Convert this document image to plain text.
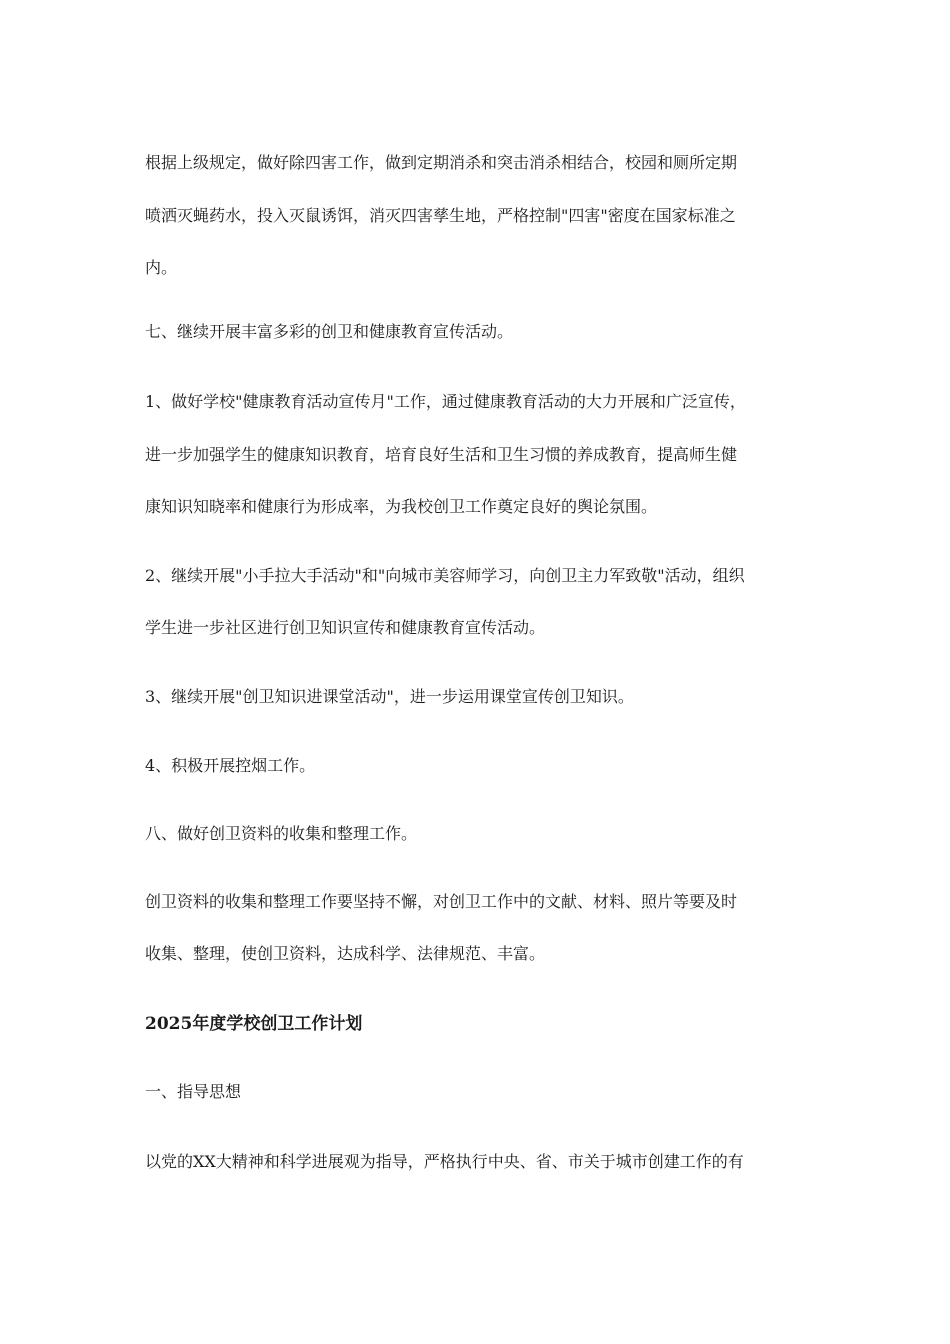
根据上级规定，做好除四害工作，做到定期消杀和突击消杀相结合，校园和厕所定期
喷洒灭蝇药水，投入灭鼠诱饵，消灭四害孳生地，严格控制"四害"密度在国家标准之
内。
七、继续开展丰富多彩的创卫和健康教育宣传活动。
1、做好学校"健康教育活动宣传月"工作，通过健康教育活动的大力开展和广泛宣传，
进一步加强学生的健康知识教育，培育良好生活和卫生习惯的养成教育，提高师生健
康知识知晓率和健康行为形成率，为我校创卫工作奠定良好的舆论氛围。
2、继续开展"小手拉大手活动"和"向城市美容师学习，向创卫主力军致敬"活动，组织
学生进一步社区进行创卫知识宣传和健康教育宣传活动。
3、继续开展"创卫知识进课堂活动"，进一步运用课堂宣传创卫知识。
4、积极开展控烟工作。
八、做好创卫资料的收集和整理工作。
创卫资料的收集和整理工作要坚持不懈，对创卫工作中的文献、材料、照片等要及时
收集、整理，使创卫资料，达成科学、法律规范、丰富。
2025年度学校创卫工作计划
一、指导思想
以党的XX大精神和科学进展观为指导，严格执行中央、省、市关于城市创建工作的有
